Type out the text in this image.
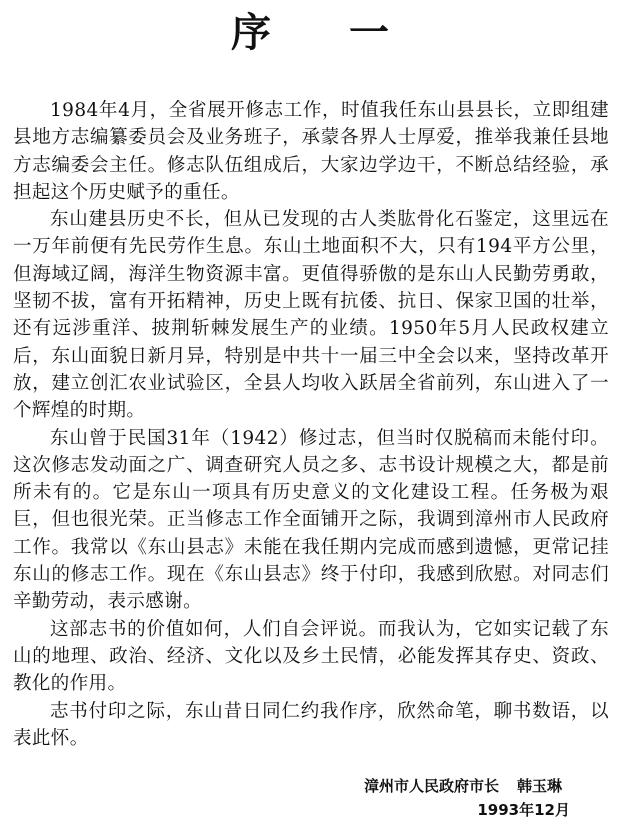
序 一

1984年4月，全省展开修志工作，时值我任东山县县长，立即组建县地方志编纂委员会及业务班子，承蒙各界人士厚爱，推举我兼任县地方志编委会主任。修志队伍组成后，大家边学边干，不断总结经验，承担起这个历史赋予的重任。

东山建县历史不长，但从已发现的古人类肱骨化石鉴定，这里远在一万年前便有先民劳作生息。东山土地面积不大，只有194平方公里，但海域辽阔，海洋生物资源丰富。更值得骄傲的是东山人民勤劳勇敢，坚韧不拔，富有开拓精神，历史上既有抗倭、抗日、保家卫国的壮举，还有远涉重洋、披荆斩棘发展生产的业绩。1950年5月人民政权建立后，东山面貌日新月异，特别是中共十一届三中全会以来，坚持改革开放，建立创汇农业试验区，全县人均收入跃居全省前列，东山进入了一个辉煌的时期。

东山曾于民国31年（1942）修过志，但当时仅脱稿而未能付印。这次修志发动面之广、调查研究人员之多、志书设计规模之大，都是前所未有的。它是东山一项具有历史意义的文化建设工程。任务极为艰巨，但也很光荣。正当修志工作全面铺开之际，我调到漳州市人民政府工作。我常以《东山县志》未能在我任期内完成而感到遗憾，更常记挂东山的修志工作。现在《东山县志》终于付印，我感到欣慰。对同志们辛勤劳动，表示感谢。

这部志书的价值如何，人们自会评说。而我认为，它如实记载了东山的地理、政治、经济、文化以及乡土民情，必能发挥其存史、资政、教化的作用。

志书付印之际，东山昔日同仁约我作序，欣然命笔，聊书数语，以表此怀。

漳州市人民政府市长 韩玉琳
1993年12月
